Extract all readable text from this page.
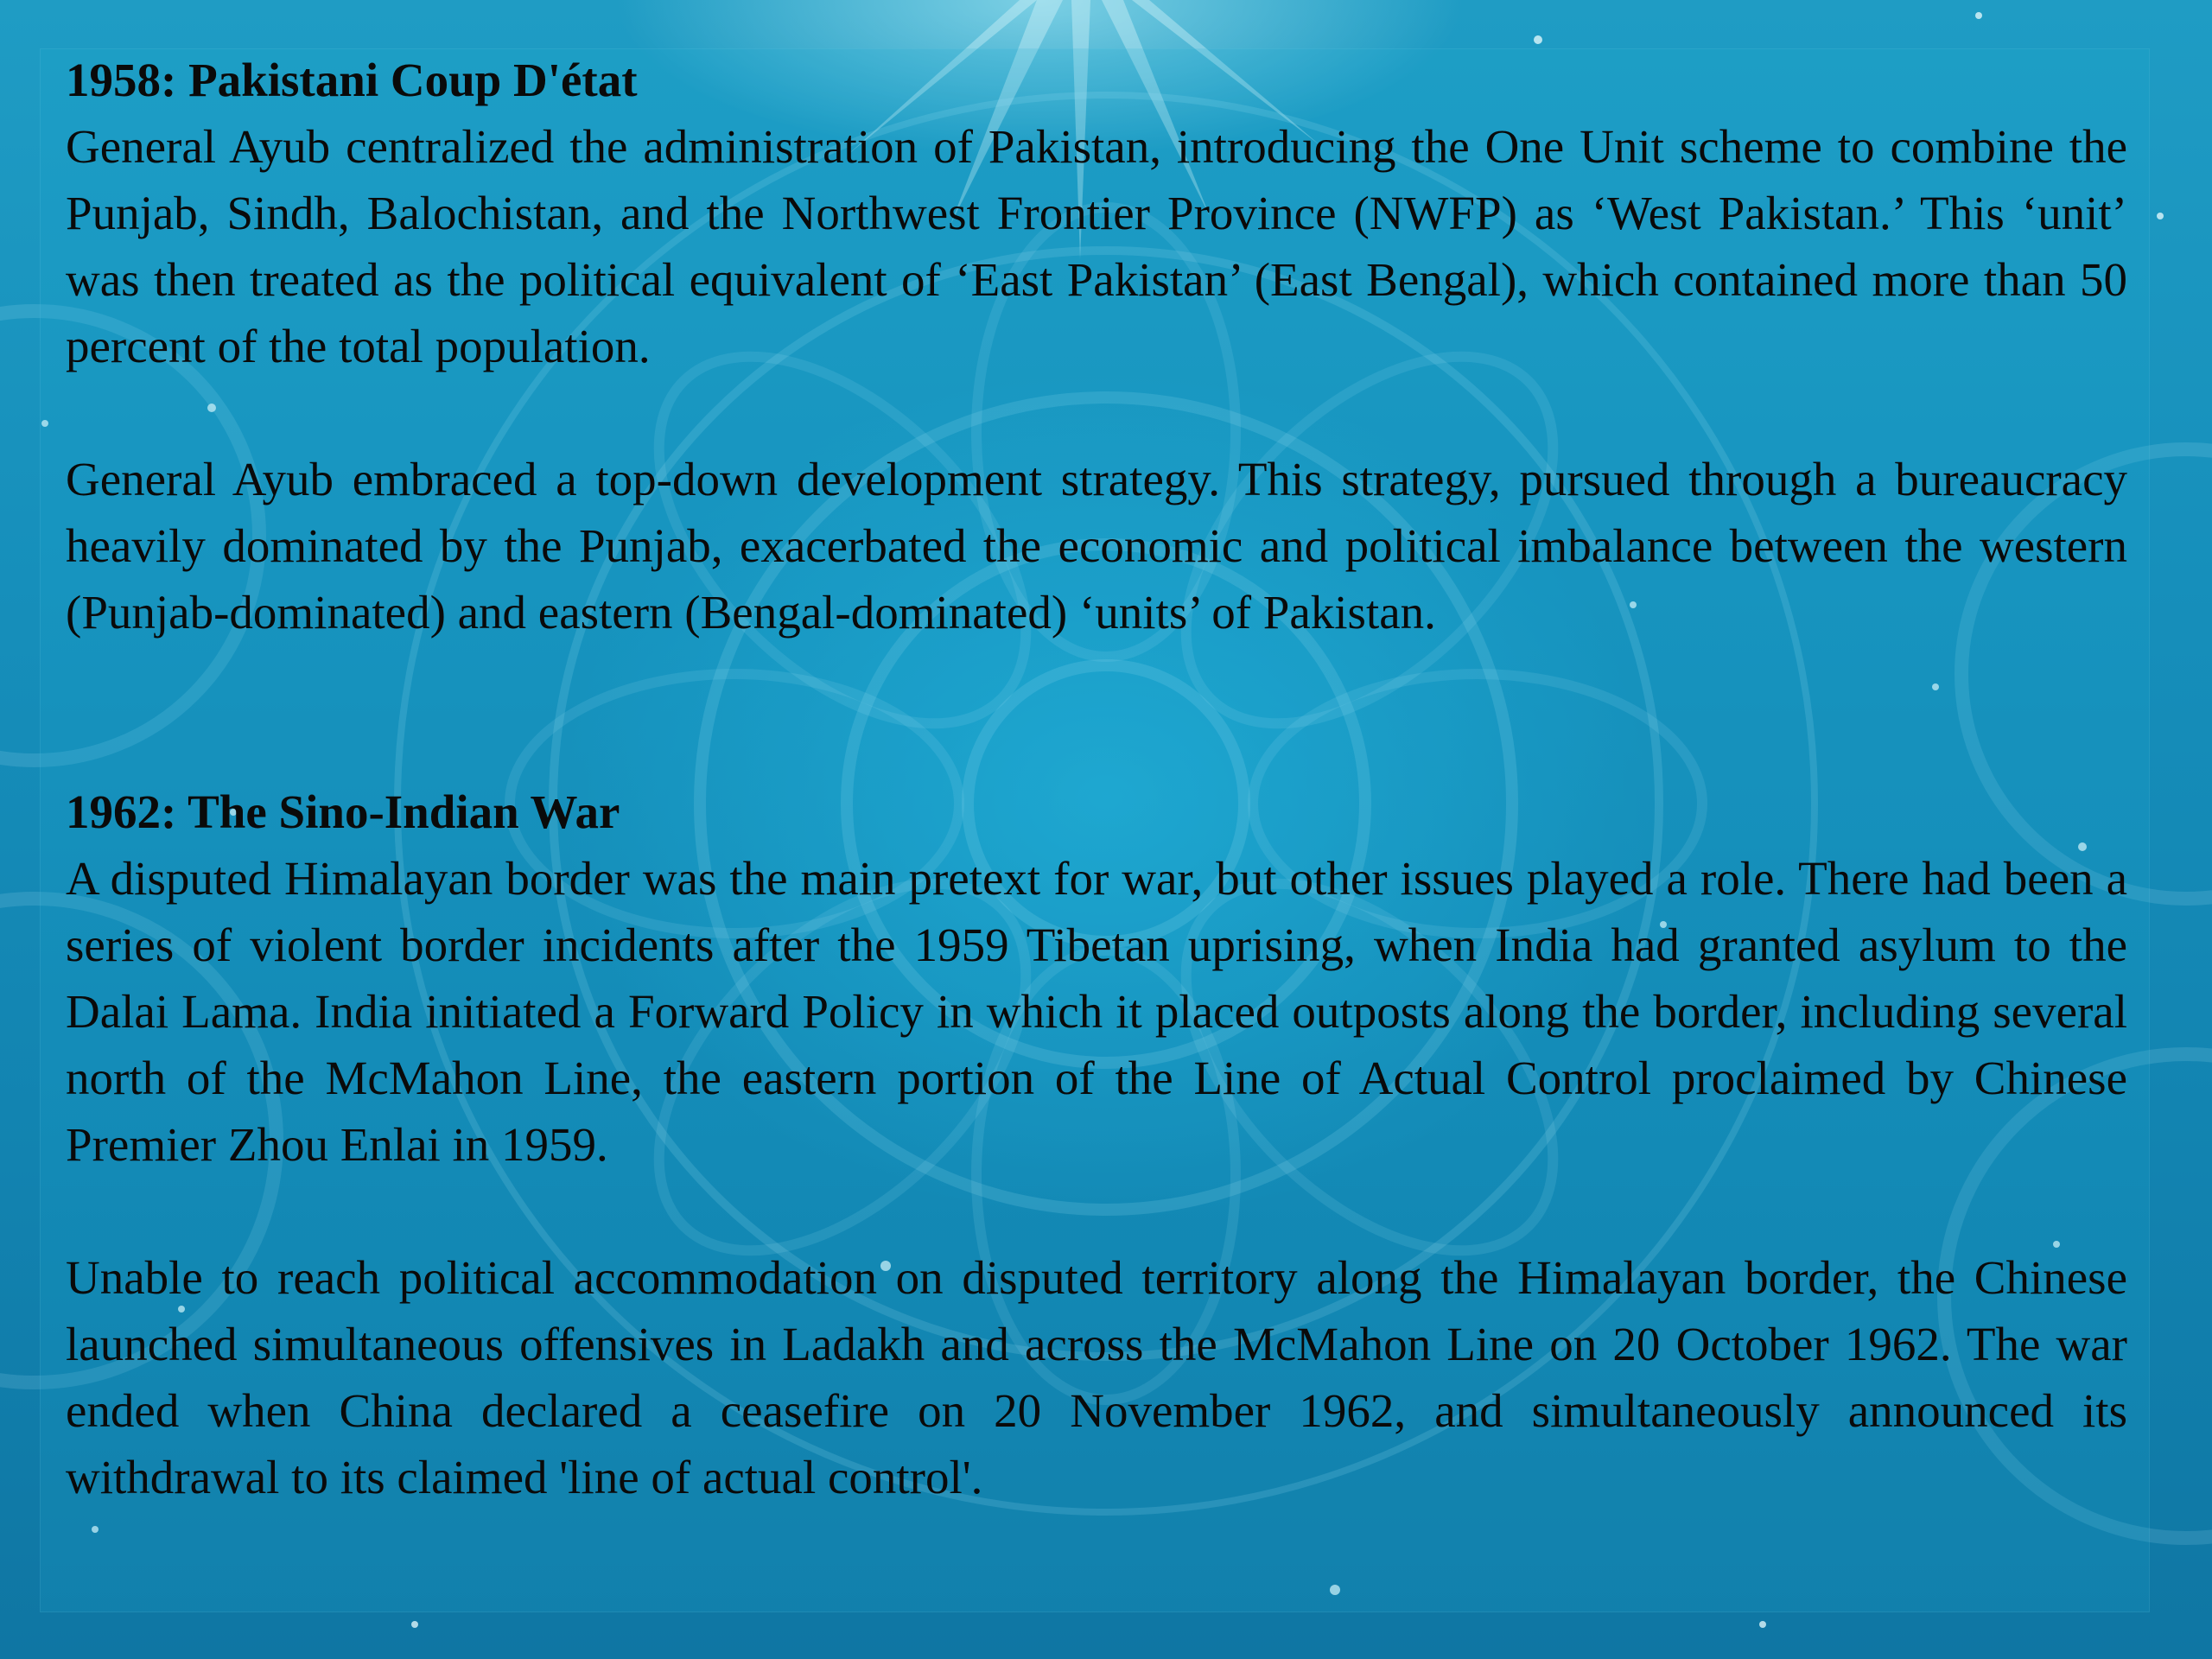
1958: Pakistani Coup D'état

General Ayub centralized the administration of Pakistan, introducing the One Unit scheme to combine the Punjab, Sindh, Balochistan, and the Northwest Frontier Province (NWFP) as ‘West Pakistan.’ This ‘unit’ was then treated as the political equivalent of ‘East Pakistan’ (East Bengal), which contained more than 50 percent of the total population.

General Ayub embraced a top-down development strategy. This strategy, pursued through a bureaucracy heavily dominated by the Punjab, exacerbated the economic and political imbalance between the western (Punjab-dominated) and eastern (Bengal-dominated) ‘units’ of Pakistan.

1962: The Sino-Indian War

A disputed Himalayan border was the main pretext for war, but other issues played a role. There had been a series of violent border incidents after the 1959 Tibetan uprising, when India had granted asylum to the Dalai Lama. India initiated a Forward Policy in which it placed outposts along the border, including several north of the McMahon Line, the eastern portion of the Line of Actual Control proclaimed by Chinese Premier Zhou Enlai in 1959.

Unable to reach political accommodation on disputed territory along the Himalayan border, the Chinese launched simultaneous offensives in Ladakh and across the McMahon Line on 20 October 1962. The war ended when China declared a ceasefire on 20 November 1962, and simultaneously announced its withdrawal to its claimed 'line of actual control'.
